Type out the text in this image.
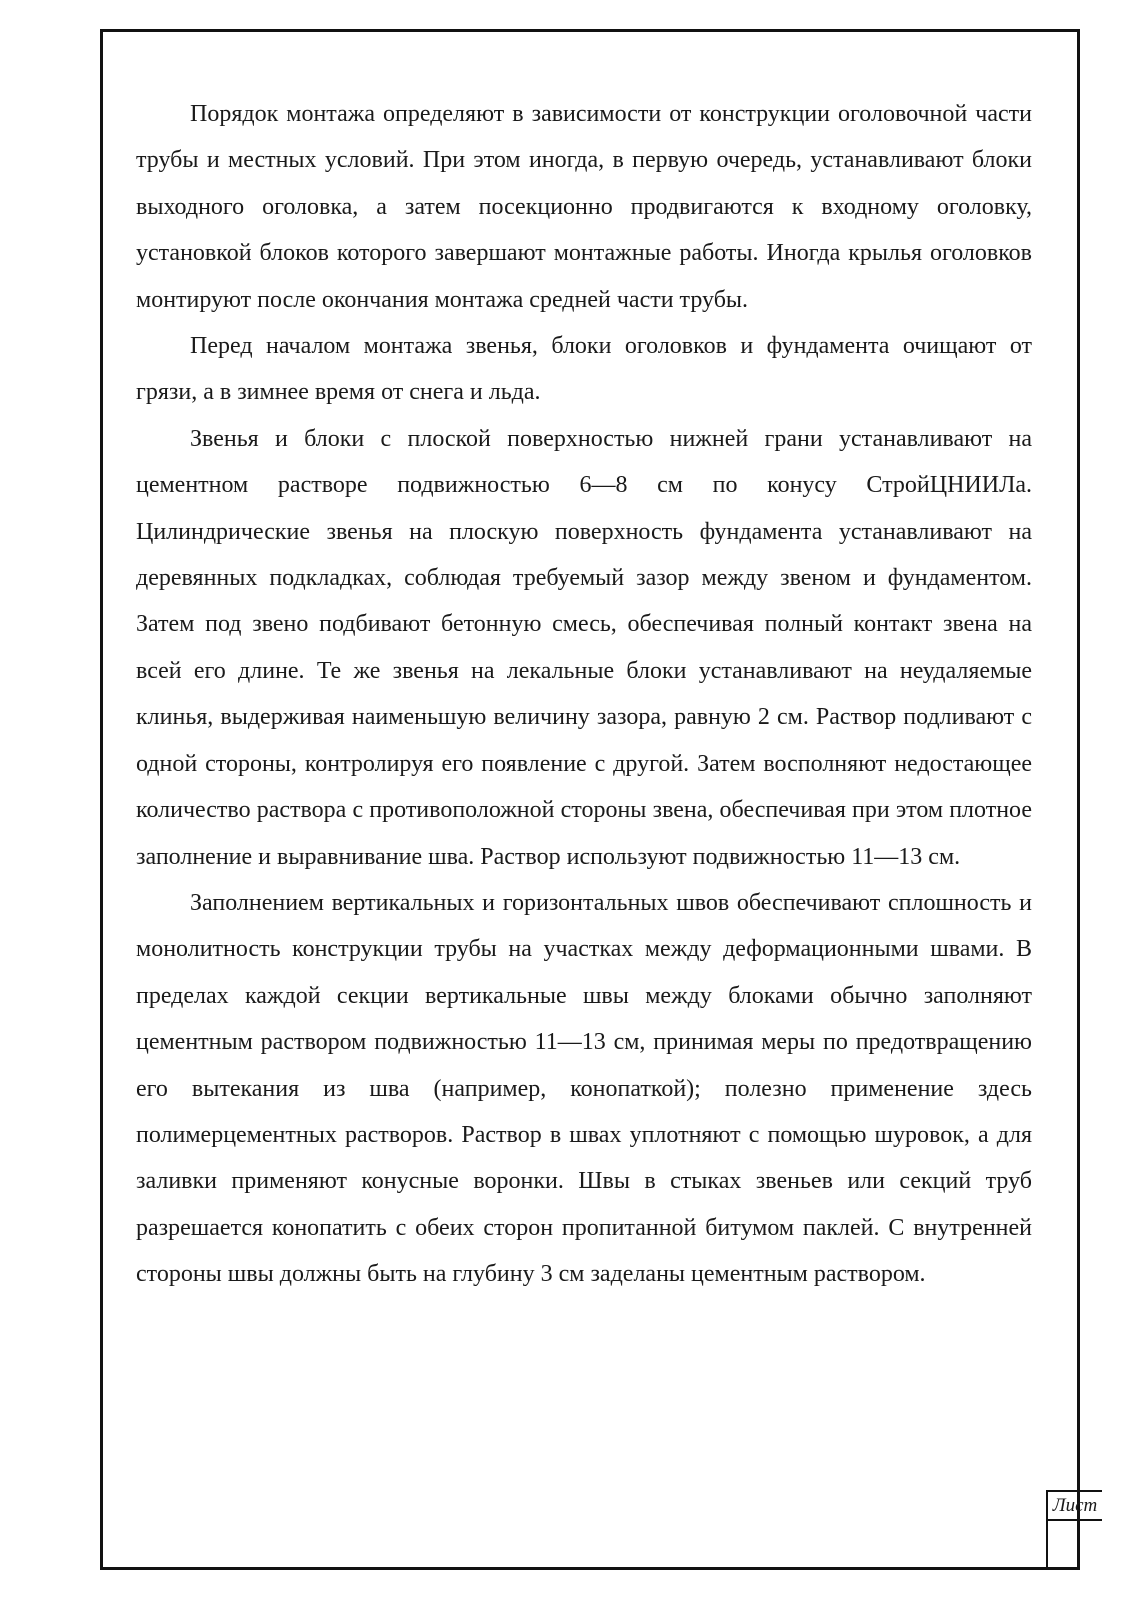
Порядок монтажа определяют в зависимости от конструкции оголовочной части трубы и местных условий. При этом иногда, в первую очередь, устанавливают блоки выходного оголовка, а затем посекционно продвигаются к входному оголовку, установкой блоков которого завершают монтажные работы. Иногда крылья оголовков монтируют после окончания монтажа средней части трубы.

Перед началом монтажа звенья, блоки оголовков и фундамента очищают от грязи, а в зимнее время от снега и льда.

Звенья и блоки с плоской поверхностью нижней грани устанавливают на цементном растворе подвижностью 6—8 см по конусу СтройЦНИИЛа. Цилиндрические звенья на плоскую поверхность фундамента устанавливают на деревянных подкладках, соблюдая требуемый зазор между звеном и фундаментом. Затем под звено подбивают бетонную смесь, обеспечивая полный контакт звена на всей его длине. Те же звенья на лекальные блоки устанавливают на неудаляемые клинья, выдерживая наименьшую величину зазора, равную 2 см. Раствор подливают с одной стороны, контролируя его появление с другой. Затем восполняют недостающее количество раствора с противоположной стороны звена, обеспечивая при этом плотное заполнение и выравнивание шва. Раствор используют подвижностью 11—13 см.

Заполнением вертикальных и горизонтальных швов обеспечивают сплошность и монолитность конструкции трубы на участках между деформационными швами. В пределах каждой секции вертикальные швы между блоками обычно заполняют цементным раствором подвижностью 11—13 см, принимая меры по предотвращению его вытекания из шва (например, конопаткой); полезно применение здесь полимерцементных растворов. Раствор в швах уплотняют с помощью шуровок, а для заливки применяют конусные воронки. Швы в стыках звеньев или секций труб разрешается конопатить с обеих сторон пропитанной битумом паклей. С внутренней стороны швы должны быть на глубину 3 см заделаны цементным раствором.

Лист
